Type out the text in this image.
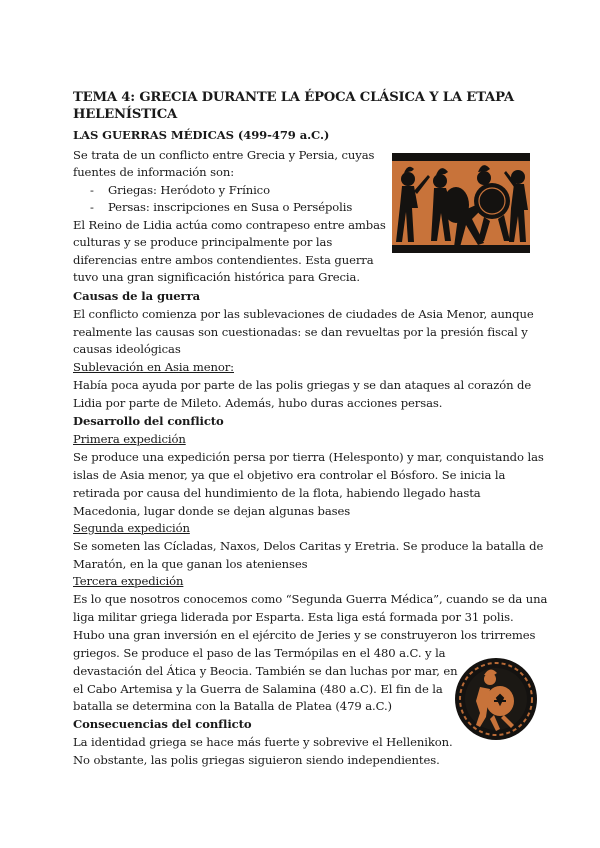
TEMA 4: GRECIA DURANTE LA ÉPOCA CLÁSICA Y LA ETAPA
HELENÍSTICA
LAS GUERRAS MÉDICAS (499-479 a.C.)
Se trata de un conflicto entre Grecia y Persia, cuyas
fuentes de información son:
- Griegas: Heródoto y Frínico
- Persas: inscripciones en Susa o Persépolis
El Reino de Lidia actúa como contrapeso entre ambas
culturas y se produce principalmente por las
diferencias entre ambos contendientes. Esta guerra
tuvo una gran significación histórica para Grecia.
Causas de la guerra
El conflicto comienza por las sublevaciones de ciudades de Asia Menor, aunque
realmente las causas son cuestionadas: se dan revueltas por la presión fiscal y
causas ideológicas
Sublevación en Asia menor:
Había poca ayuda por parte de las polis griegas y se dan ataques al corazón de
Lidia por parte de Mileto. Además, hubo duras acciones persas.
Desarrollo del conflicto
Primera expedición
Se produce una expedición persa por tierra (Helesponto) y mar, conquistando las
islas de Asia menor, ya que el objetivo era controlar el Bósforo. Se inicia la
retirada por causa del hundimiento de la flota, habiendo llegado hasta
Macedonia, lugar donde se dejan algunas bases
Segunda expedición
Se someten las Cícladas, Naxos, Delos Caritas y Eretria. Se produce la batalla de
Maratón, en la que ganan los atenienses
Tercera expedición
Es lo que nosotros conocemos como “Segunda Guerra Médica”, cuando se da una
liga militar griega liderada por Esparta. Esta liga está formada por 31 polis.
Hubo una gran inversión en el ejército de Jeries y se construyeron los trirremes
griegos. Se produce el paso de las Termópilas en el 480 a.C. y la
devastación del Ática y Beocia. También se dan luchas por mar, en
el Cabo Artemisa y la Guerra de Salamina (480 a.C). El fin de la
batalla se determina con la Batalla de Platea (479 a.C.)
Consecuencias del conflicto
La identidad griega se hace más fuerte y sobrevive el Hellenikon.
No obstante, las polis griegas siguieron siendo independientes.
